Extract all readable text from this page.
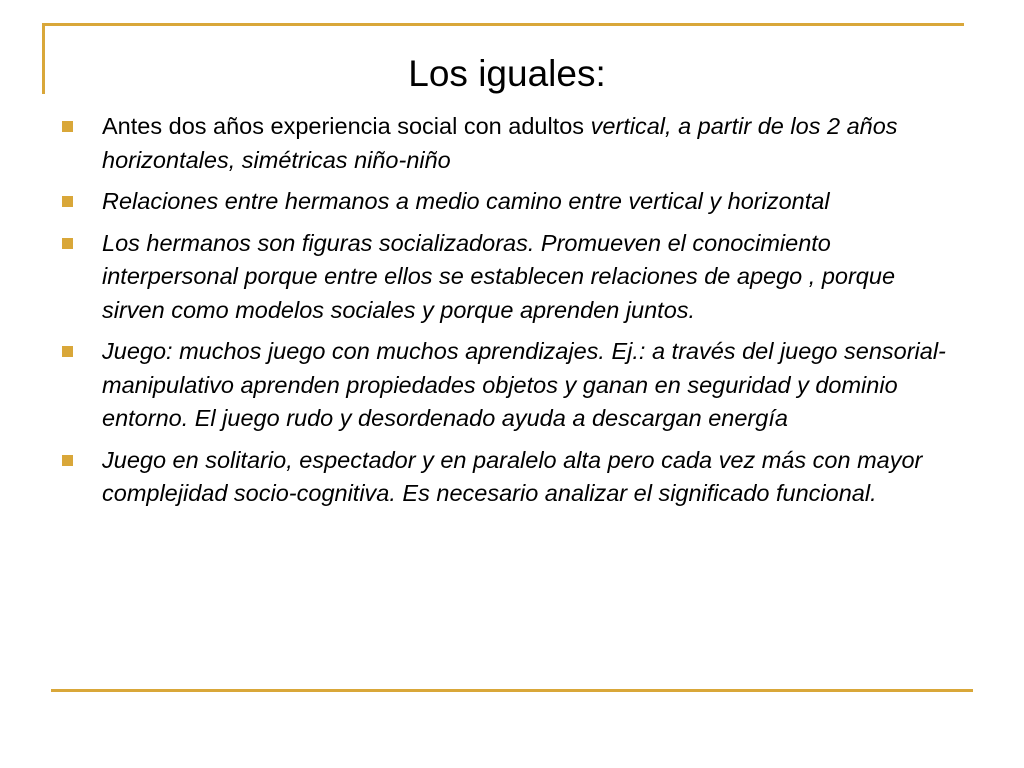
Los iguales:
Antes dos años experiencia social con adultos vertical, a partir de los 2 años horizontales, simétricas niño-niño
Relaciones entre hermanos a medio camino entre vertical y horizontal
Los hermanos son figuras socializadoras. Promueven el conocimiento interpersonal porque entre ellos se establecen relaciones de apego , porque sirven como modelos sociales y porque aprenden juntos.
Juego: muchos juego con muchos aprendizajes. Ej.: a través del juego sensorial-manipulativo aprenden propiedades objetos y ganan en seguridad y dominio entorno. El juego rudo y desordenado ayuda a descargan energía
Juego en solitario, espectador y en paralelo alta pero cada vez más con mayor complejidad socio-cognitiva. Es necesario analizar el significado funcional.
